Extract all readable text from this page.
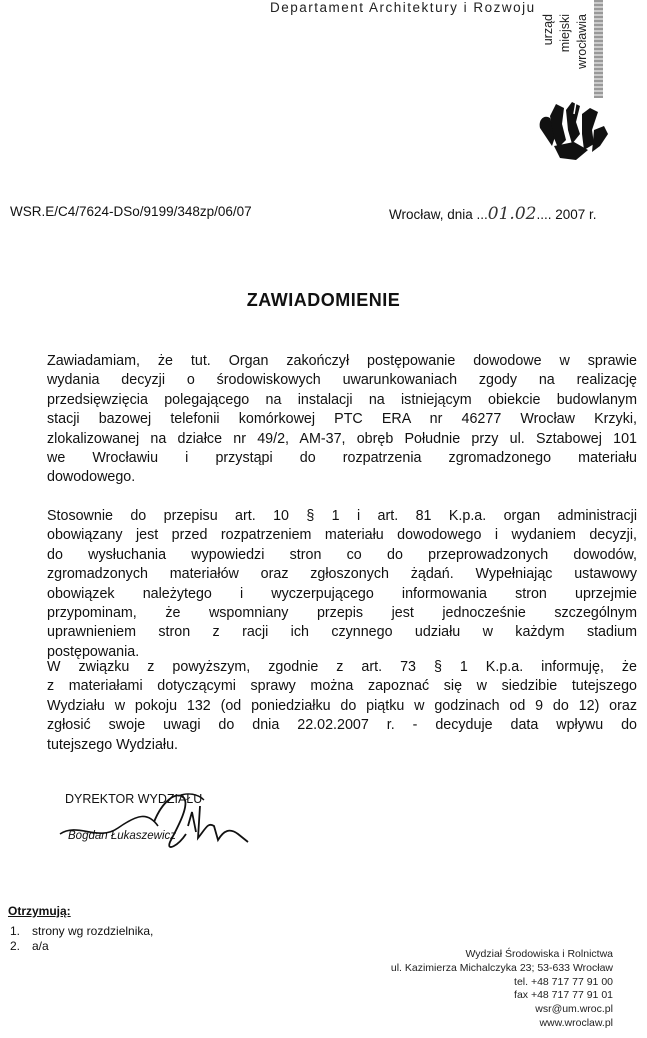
Departament Architektury i Rozwoju
urząd miejski wrocławia
WSR.E/C4/7624-DSo/9199/348zp/06/07	Wrocław, dnia ...01.02.... 2007 r.
ZAWIADOMIENIE
Zawiadamiam, że tut. Organ zakończył postępowanie dowodowe w sprawie
wydania decyzji o środowiskowych uwarunkowaniach zgody na realizację
przedsięwzięcia polegającego na instalacji na istniejącym obiekcie budowlanym
stacji bazowej telefonii komórkowej PTC ERA nr 46277 Wrocław Krzyki,
zlokalizowanej na działce nr 49/2, AM-37, obręb Południe przy ul. Sztabowej 101
we Wrocławiu i przystąpi do rozpatrzenia zgromadzonego materiału
dowodowego.
Stosownie do przepisu art. 10 § 1 i art. 81 K.p.a. organ administracji
obowiązany jest przed rozpatrzeniem materiału dowodowego i wydaniem decyzji,
do wysłuchania wypowiedzi stron co do przeprowadzonych dowodów,
zgromadzonych materiałów oraz zgłoszonych żądań. Wypełniając ustawowy
obowiązek należytego i wyczerpującego informowania stron uprzejmie
przypominam, że wspomniany przepis jest jednocześnie szczególnym
uprawnieniem stron z racji ich czynnego udziału w każdym stadium
postępowania.
W związku z powyższym, zgodnie z art. 73 § 1 K.p.a. informuję, że
z materiałami dotyczącymi sprawy można zapoznać się w siedzibie tutejszego
Wydziału w pokoju 132 (od poniedziałku do piątku w godzinach od 9 do 12) oraz
zgłosić swoje uwagi do dnia 22.02.2007 r. - decyduje data wpływu do
tutejszego Wydziału.
DYREKTOR WYDZIAŁU
Bogdan Łukaszewicz
Otrzymują:
1. strony wg rozdzielnika,
2. a/a
Wydział Środowiska i Rolnictwa
ul. Kazimierza Michalczyka 23; 53-633 Wrocław
tel. +48 717 77 91 00
fax +48 717 77 91 01
wsr@um.wroc.pl
www.wroclaw.pl
